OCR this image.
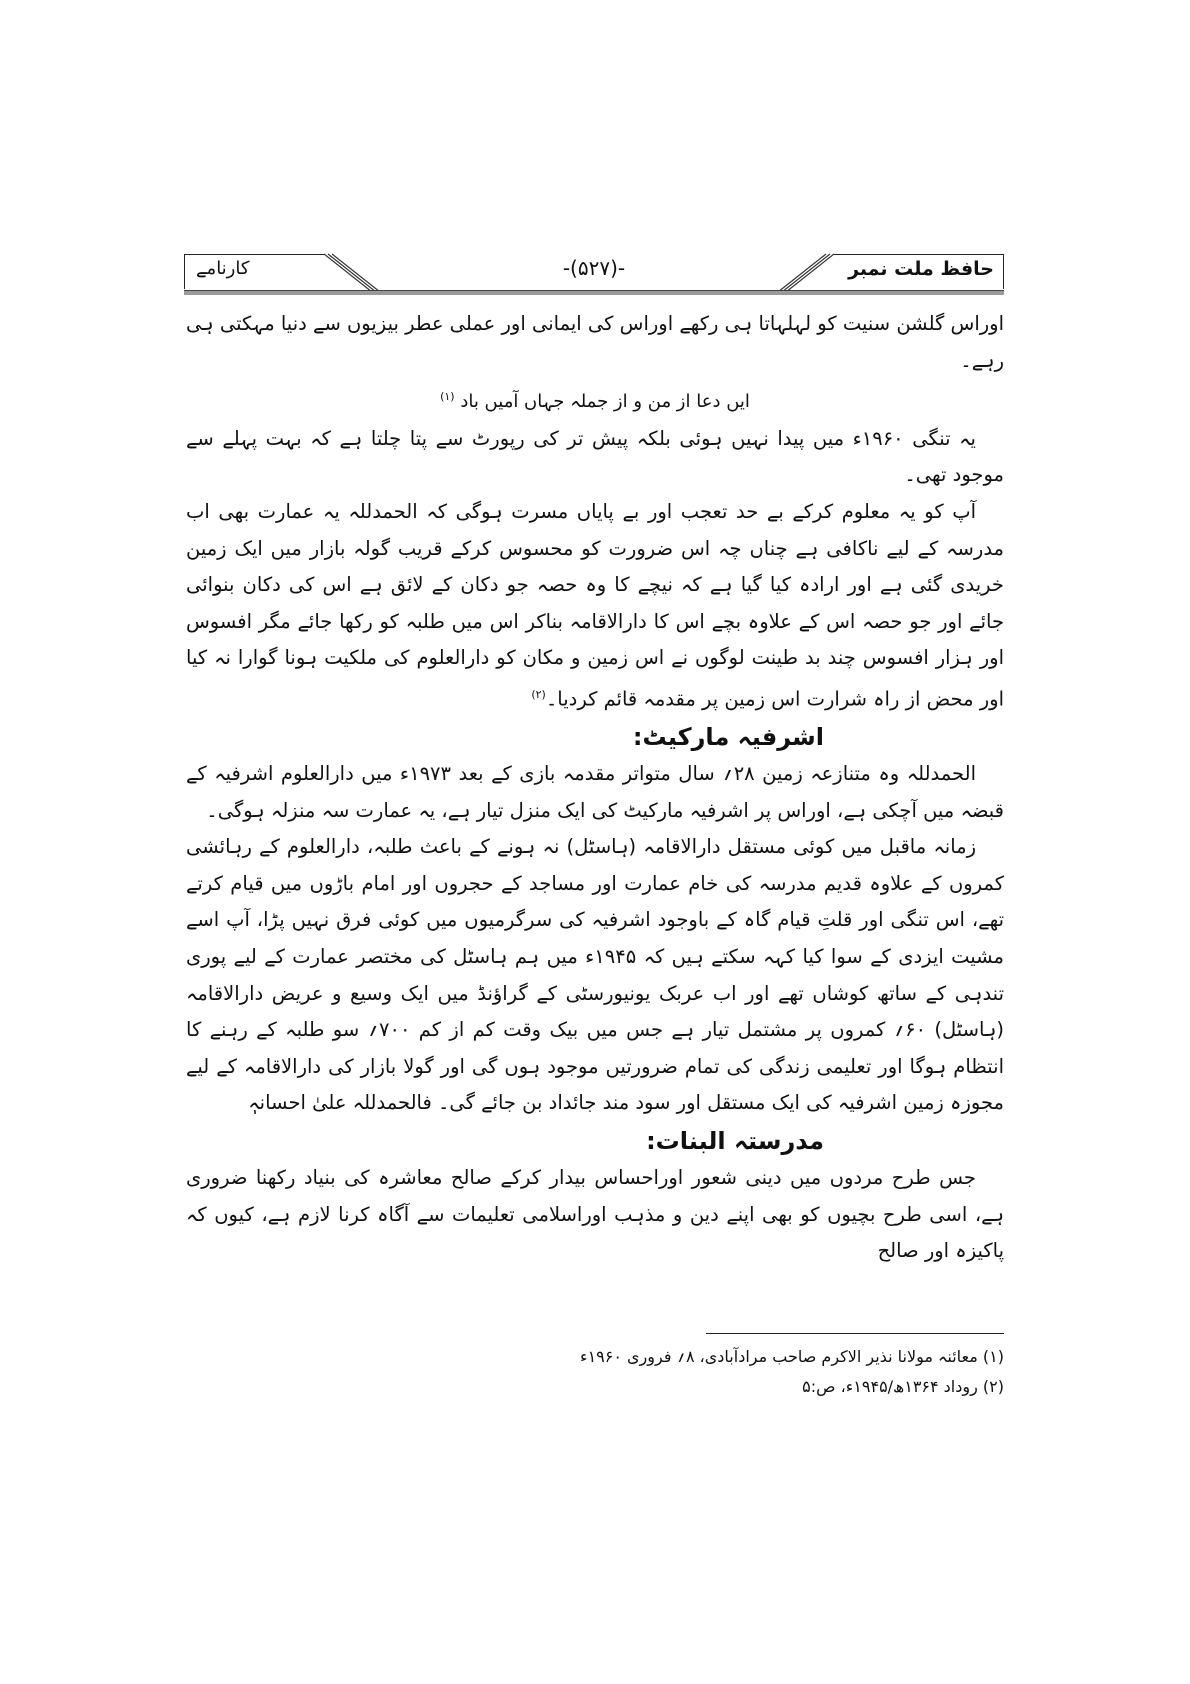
حافظ ملت نمبر
-(۵۲۷)-
کارنامے

اوراس گلشن سنیت کو لہلہاتا ہی رکھے اوراس کی ایمانی اور عملی عطر بیزیوں سے دنیا مہکتی ہی رہے۔

ایں دعا از من و از جملہ جہاں آمیں باد $^{(۱)}$

یہ تنگی ۱۹۶۰ء میں پیدا نہیں ہوئی بلکہ پیش تر کی رپورٹ سے پتا چلتا ہے کہ بہت پہلے سے موجود تھی۔

آپ کو یہ معلوم کرکے بے حد تعجب اور بے پایاں مسرت ہوگی کہ الحمدللہ یہ عمارت بھی اب مدرسہ کے لیے ناکافی ہے چناں چہ اس ضرورت کو محسوس کرکے قریب گولہ بازار میں ایک زمین خریدی گئی ہے اور ارادہ کیا گیا ہے کہ نیچے کا وہ حصہ جو دکان کے لائق ہے اس کی دکان بنوائی جائے اور جو حصہ اس کے علاوہ بچے اس کا دارالاقامہ بناکر اس میں طلبہ کو رکھا جائے مگر افسوس اور ہزار افسوس چند بد طینت لوگوں نے اس زمین و مکان کو دارالعلوم کی ملکیت ہونا گوارا نہ کیا اور محض از راہ شرارت اس زمین پر مقدمہ قائم کردیا۔$^{(۲)}$

اشرفیہ مارکیٹ:

الحمدللہ وہ متنازعہ زمین ۲۸؍ سال متواتر مقدمہ بازی کے بعد ۱۹۷۳ء میں دارالعلوم اشرفیہ کے قبضہ میں آچکی ہے، اوراس پر اشرفیہ مارکیٹ کی ایک منزل تیار ہے، یہ عمارت سہ منزلہ ہوگی۔

زمانہ ماقبل میں کوئی مستقل دارالاقامہ (ہاسٹل) نہ ہونے کے باعث طلبہ، دارالعلوم کے رہائشی کمروں کے علاوہ قدیم مدرسہ کی خام عمارت اور مساجد کے حجروں اور امام باڑوں میں قیام کرتے تھے، اس تنگی اور قلتِ قیام گاہ کے باوجود اشرفیہ کی سرگرمیوں میں کوئی فرق نہیں پڑا، آپ اسے مشیت ایزدی کے سوا کیا کہہ سکتے ہیں کہ ۱۹۴۵ء میں ہم ہاسٹل کی مختصر عمارت کے لیے پوری تندہی کے ساتھ کوشاں تھے اور اب عربک یونیورسٹی کے گراؤنڈ میں ایک وسیع و عریض دارالاقامہ (ہاسٹل) ۶۰؍ کمروں پر مشتمل تیار ہے جس میں بیک وقت کم از کم ۷۰۰؍ سو طلبہ کے رہنے کا انتظام ہوگا اور تعلیمی زندگی کی تمام ضرورتیں موجود ہوں گی اور گولا بازار کی دارالاقامہ کے لیے مجوزہ زمین اشرفیہ کی ایک مستقل اور سود مند جائداد بن جائے گی۔ فالحمدللہ علیٰ احسانہٖ

مدرستہ البنات:

جس طرح مردوں میں دینی شعور اوراحساس بیدار کرکے صالح معاشرہ کی بنیاد رکھنا ضروری ہے، اسی طرح بچیوں کو بھی اپنے دین و مذہب اوراسلامی تعلیمات سے آگاہ کرنا لازم ہے، کیوں کہ پاکیزہ اور صالح

(۱) معائنہ مولانا نذیر الاکرم صاحب مرادآبادی، ۸؍ فروری ۱۹۶۰ء
(۲) روداد ۱۳۶۴ھ/۱۹۴۵ء، ص:۵
